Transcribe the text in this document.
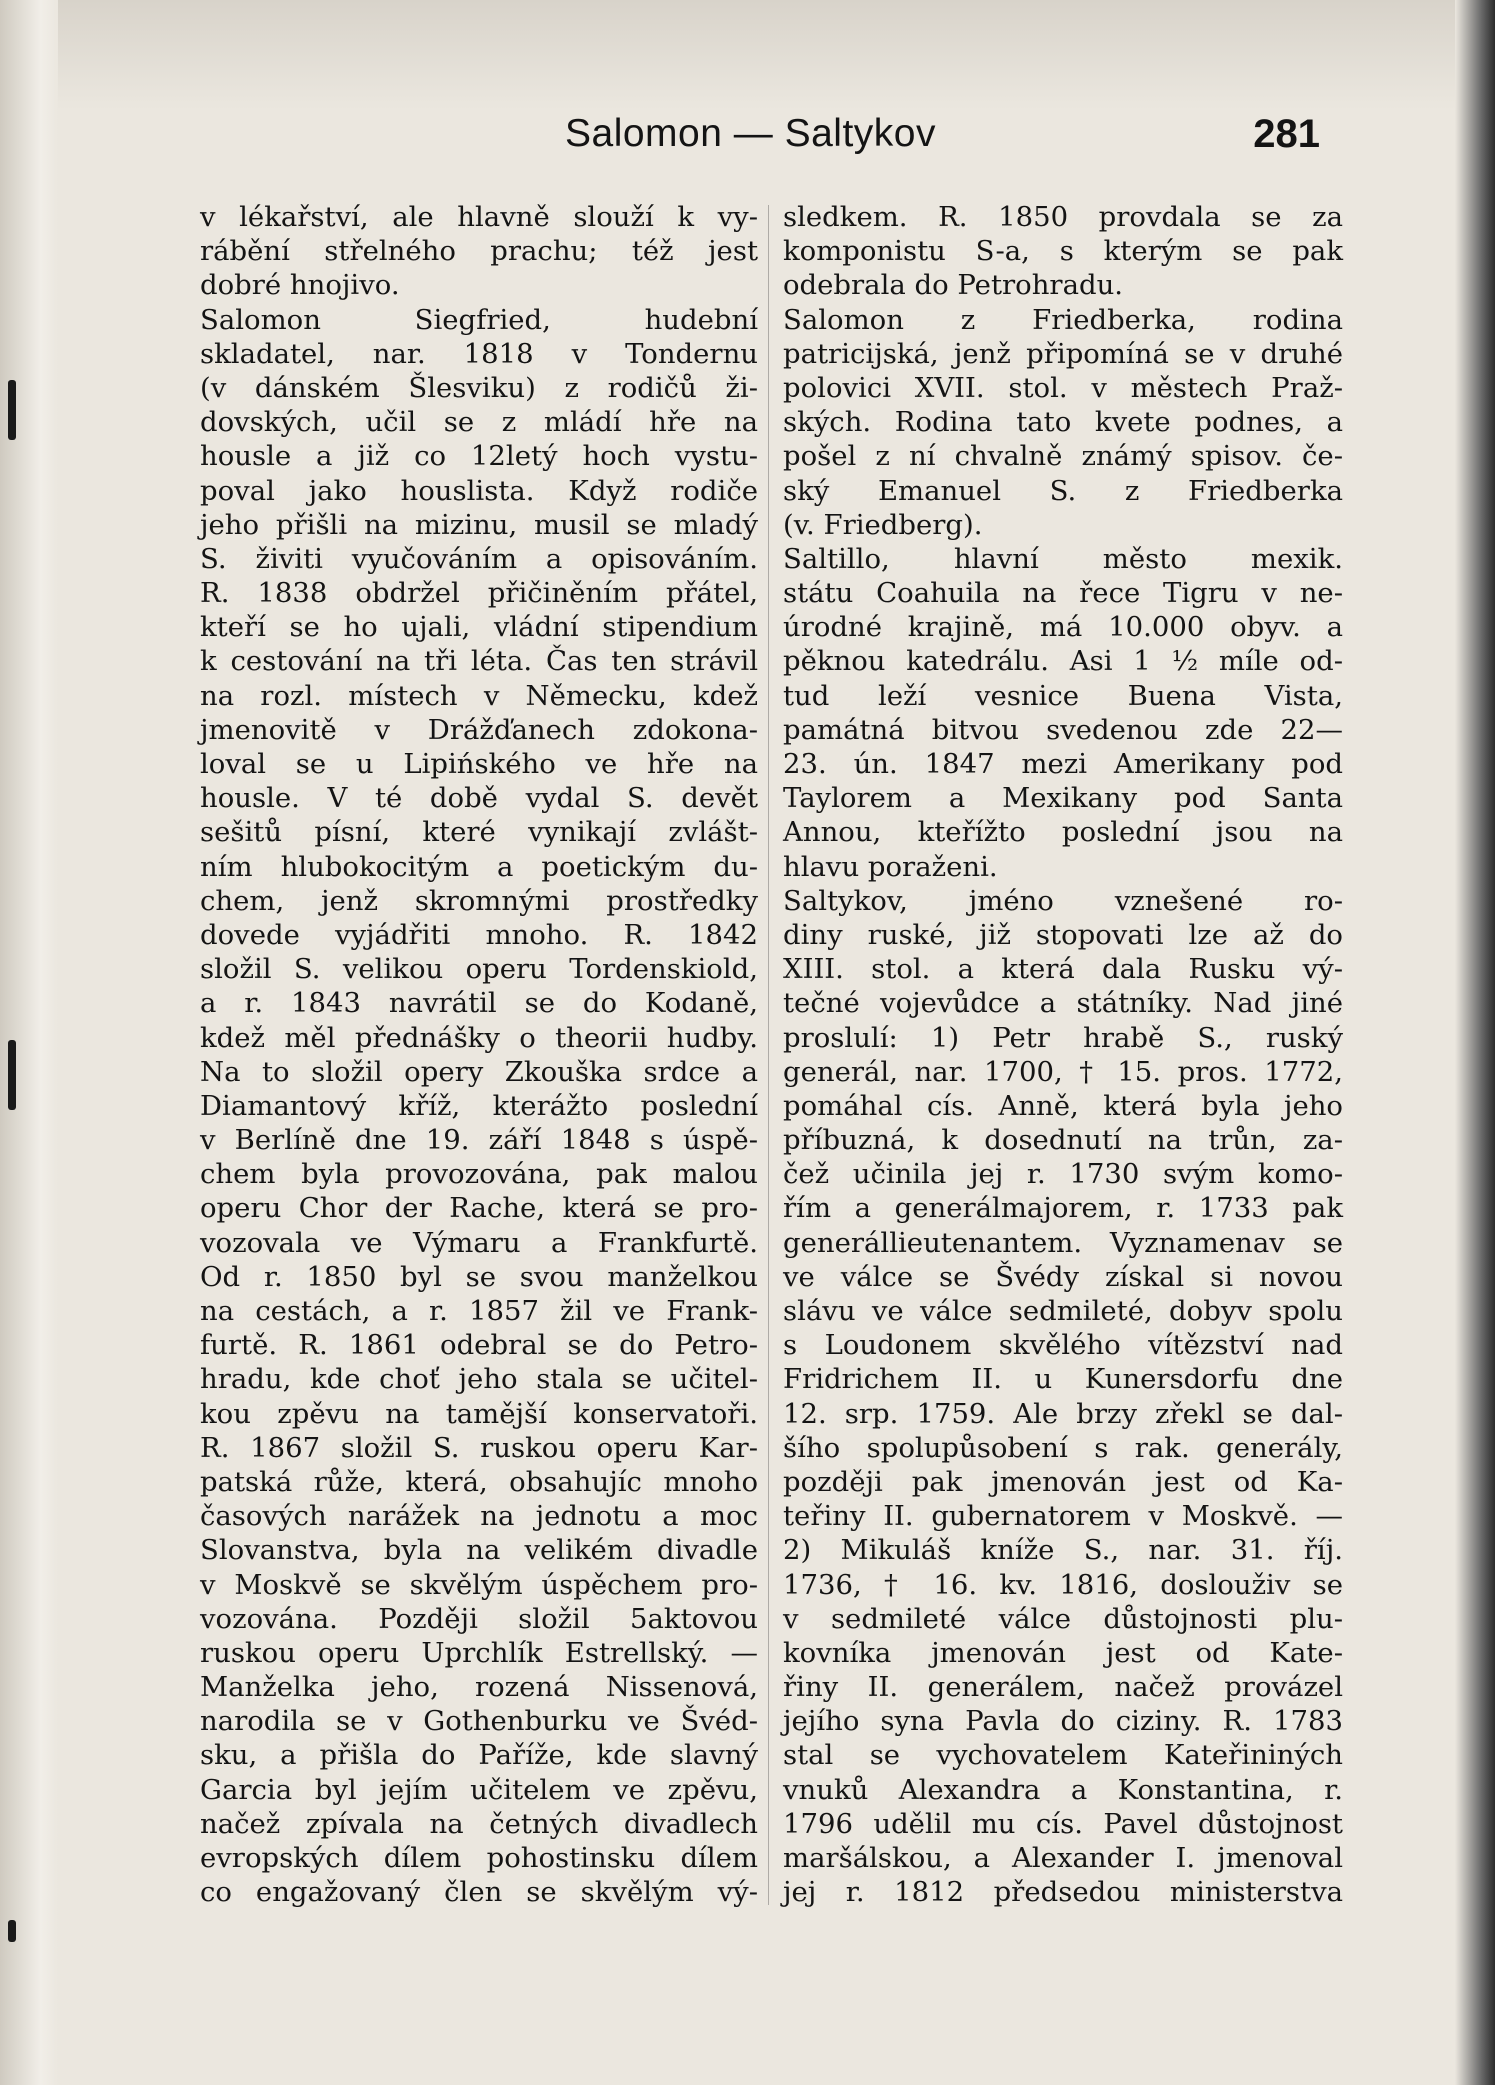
Salomon — Saltykov	281
v lékařství, ale hlavně slouží k vy-
rábění střelného prachu; též jest
dobré hnojivo.
Salomon Siegfried, hudební
skladatel, nar. 1818 v Tondernu
(v dánském Šlesviku) z rodičů ži-
dovských, učil se z mládí hře na
housle a již co 12letý hoch vystu-
poval jako houslista. Když rodiče
jeho přišli na mizinu, musil se mladý
S. živiti vyučováním a opisováním.
R. 1838 obdržel přičiněním přátel,
kteří se ho ujali, vládní stipendium
k cestování na tři léta. Čas ten strávil
na rozl. místech v Německu, kdež
jmenovitě v Drážďanech zdokona-
loval se u Lipińského ve hře na
housle. V té době vydal S. devět
sešitů písní, které vynikají zvlášt-
ním hlubokocitým a poetickým du-
chem, jenž skromnými prostředky
dovede vyjádřiti mnoho. R. 1842
složil S. velikou operu Tordenskiold,
a r. 1843 navrátil se do Kodaně,
kdež měl přednášky o theorii hudby.
Na to složil opery Zkouška srdce a
Diamantový kříž, kterážto poslední
v Berlíně dne 19. září 1848 s úspě-
chem byla provozována, pak malou
operu Chor der Rache, která se pro-
vozovala ve Výmaru a Frankfurtě.
Od r. 1850 byl se svou manželkou
na cestách, a r. 1857 žil ve Frank-
furtě. R. 1861 odebral se do Petro-
hradu, kde choť jeho stala se učitel-
kou zpěvu na tamější konservatoři.
R. 1867 složil S. ruskou operu Kar-
patská růže, která, obsahujíc mnoho
časových narážek na jednotu a moc
Slovanstva, byla na velikém divadle
v Moskvě se skvělým úspěchem pro-
vozována. Později složil 5aktovou
ruskou operu Uprchlík Estrellský. —
Manželka jeho, rozená Nissenová,
narodila se v Gothenburku ve Švéd-
sku, a přišla do Paříže, kde slavný
Garcia byl jejím učitelem ve zpěvu,
načež zpívala na četných divadlech
evropských dílem pohostinsku dílem
co engažovaný člen se skvělým vý-
sledkem. R. 1850 provdala se za
komponistu S-a, s kterým se pak
odebrala do Petrohradu.
Salomon z Friedberka, rodina
patricijská, jenž připomíná se v druhé
polovici XVII. stol. v městech Praž-
ských. Rodina tato kvete podnes, a
pošel z ní chvalně známý spisov. če-
ský Emanuel S. z Friedberka
(v. Friedberg).
Saltillo, hlavní město mexik.
státu Coahuila na řece Tigru v ne-
úrodné krajině, má 10.000 obyv. a
pěknou katedrálu. Asi 1 ½ míle od-
tud leží vesnice Buena Vista,
památná bitvou svedenou zde 22—
23. ún. 1847 mezi Amerikany pod
Taylorem a Mexikany pod Santa
Annou, kteřížto poslední jsou na
hlavu poraženi.
Saltykov, jméno vznešené ro-
diny ruské, již stopovati lze až do
XIII. stol. a která dala Rusku vý-
tečné vojevůdce a státníky. Nad jiné
proslulí: 1) Petr hrabě S., ruský
generál, nar. 1700, † 15. pros. 1772,
pomáhal cís. Anně, která byla jeho
příbuzná, k dosednutí na trůn, za-
čež učinila jej r. 1730 svým komo-
řím a generálmajorem, r. 1733 pak
generállieutenantem. Vyznamenav se
ve válce se Švédy získal si novou
slávu ve válce sedmileté, dobyv spolu
s Loudonem skvělého vítězství nad
Fridrichem II. u Kunersdorfu dne
12. srp. 1759. Ale brzy zřekl se dal-
šího spolupůsobení s rak. generály,
později pak jmenován jest od Ka-
teřiny II. gubernatorem v Moskvě. —
2) Mikuláš kníže S., nar. 31. říj.
1736, † 16. kv. 1816, doslouživ se
v sedmileté válce důstojnosti plu-
kovníka jmenován jest od Kate-
řiny II. generálem, načež provázel
jejího syna Pavla do ciziny. R. 1783
stal se vychovatelem Kateřininých
vnuků Alexandra a Konstantina, r.
1796 udělil mu cís. Pavel důstojnost
maršálskou, a Alexander I. jmenoval
jej r. 1812 předsedou ministerstva
